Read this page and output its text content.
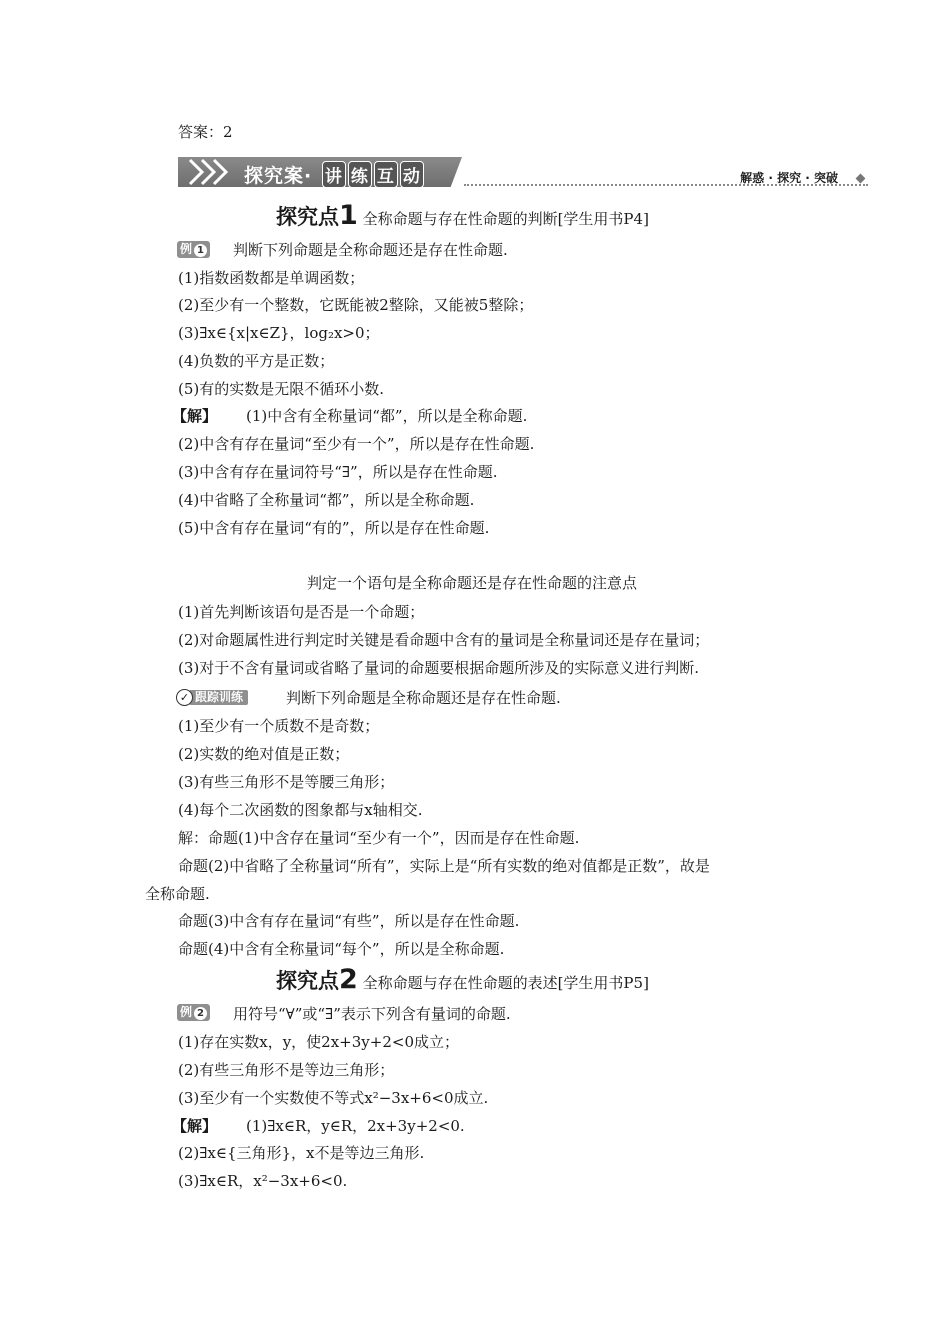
答案：2
探究案· 讲 练 互 动	解惑 · 探究 · 突破
探究点1 全称命题与存在性命题的判断[学生用书P4]
例 1	判断下列命题是全称命题还是存在性命题.
(1)指数函数都是单调函数；
(2)至少有一个整数，它既能被2整除，又能被5整除；
(3)∃x∈{x|x∈Z}，log₂x>0；
(4)负数的平方是正数；
(5)有的实数是无限不循环小数.
【解】 (1)中含有全称量词“都”，所以是全称命题.
(2)中含有存在量词“至少有一个”，所以是存在性命题.
(3)中含有存在量词符号“∃”，所以是存在性命题.
(4)中省略了全称量词“都”，所以是全称命题.
(5)中含有存在量词“有的”，所以是存在性命题.
判定一个语句是全称命题还是存在性命题的注意点
(1)首先判断该语句是否是一个命题；
(2)对命题属性进行判定时关键是看命题中含有的量词是全称量词还是存在量词；
(3)对于不含有量词或省略了量词的命题要根据命题所涉及的实际意义进行判断.
跟踪训练
✓	判断下列命题是全称命题还是存在性命题.
(1)至少有一个质数不是奇数；
(2)实数的绝对值是正数；
(3)有些三角形不是等腰三角形；
(4)每个二次函数的图象都与x轴相交.
解：命题(1)中含存在量词“至少有一个”，因而是存在性命题.
命题(2)中省略了全称量词“所有”，实际上是“所有实数的绝对值都是正数”，故是
全称命题.
命题(3)中含有存在量词“有些”，所以是存在性命题.
命题(4)中含有全称量词“每个”，所以是全称命题.
探究点2 全称命题与存在性命题的表述[学生用书P5]
例 2	用符号“∀”或“∃”表示下列含有量词的命题.
(1)存在实数x，y，使2x+3y+2<0成立；
(2)有些三角形不是等边三角形；
(3)至少有一个实数使不等式x²−3x+6<0成立.
【解】 (1)∃x∈R，y∈R，2x+3y+2<0.
(2)∃x∈{三角形}，x不是等边三角形.
(3)∃x∈R，x²−3x+6<0.
